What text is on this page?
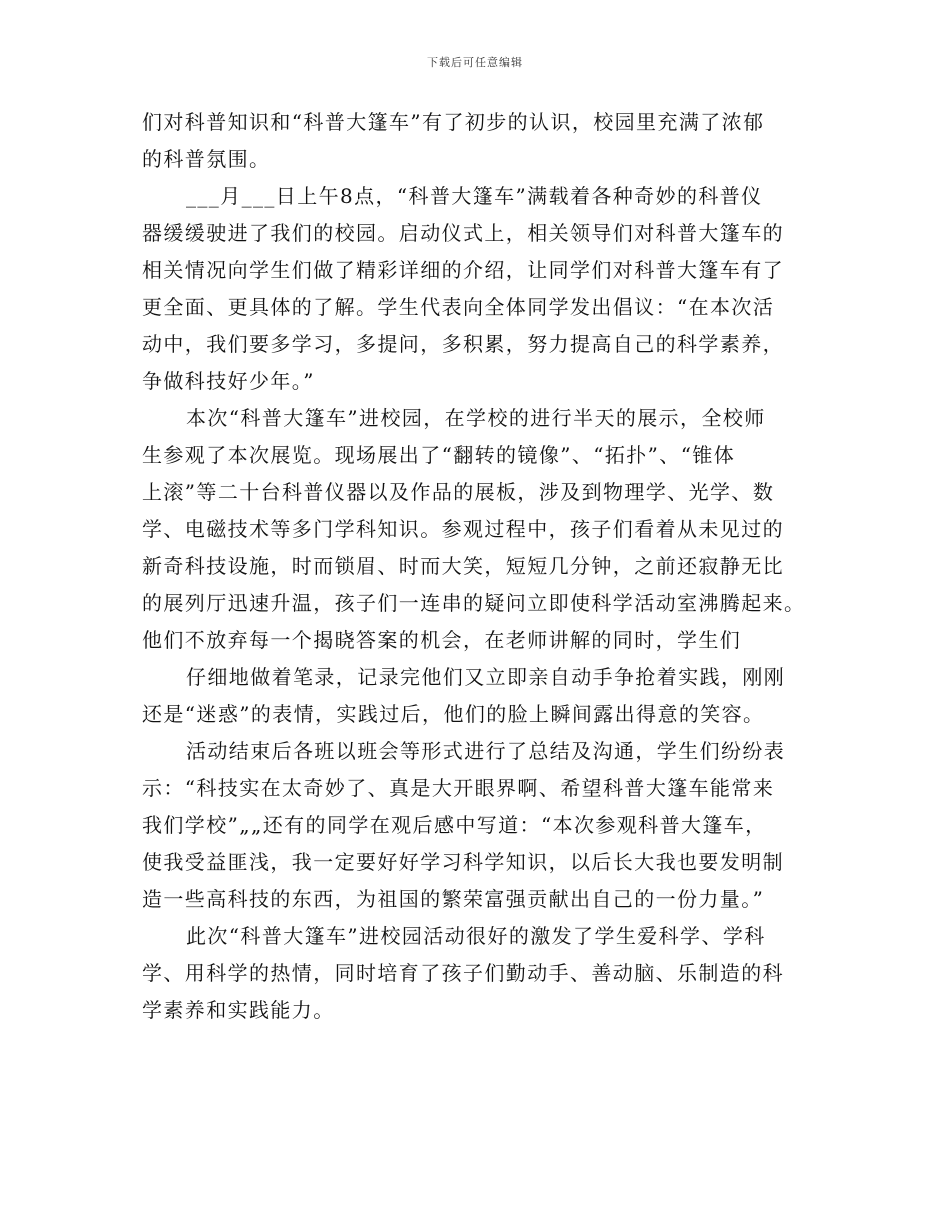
下载后可任意编辑
们对科普知识和“科普大篷车”有了初步的认识，校园里充满了浓郁
的科普氛围。
___月___日上午8点，“科普大篷车”满载着各种奇妙的科普仪
器缓缓驶进了我们的校园。启动仪式上，相关领导们对科普大篷车的
相关情况向学生们做了精彩详细的介绍，让同学们对科普大篷车有了
更全面、更具体的了解。学生代表向全体同学发出倡议：“在本次活
动中，我们要多学习，多提问，多积累，努力提高自己的科学素养，
争做科技好少年。”
本次“科普大篷车”进校园，在学校的进行半天的展示，全校师
生参观了本次展览。现场展出了“翻转的镜像”、“拓扑”、“锥体
上滚”等二十台科普仪器以及作品的展板，涉及到物理学、光学、数
学、电磁技术等多门学科知识。参观过程中，孩子们看着从未见过的
新奇科技设施，时而锁眉、时而大笑，短短几分钟，之前还寂静无比
的展列厅迅速升温，孩子们一连串的疑问立即使科学活动室沸腾起来。
他们不放弃每一个揭晓答案的机会，在老师讲解的同时，学生们
仔细地做着笔录，记录完他们又立即亲自动手争抢着实践，刚刚
还是“迷惑”的表情，实践过后，他们的脸上瞬间露出得意的笑容。
活动结束后各班以班会等形式进行了总结及沟通，学生们纷纷表
示：“科技实在太奇妙了、真是大开眼界啊、希望科普大篷车能常来
我们学校”„„还有的同学在观后感中写道：“本次参观科普大篷车，
使我受益匪浅，我一定要好好学习科学知识，以后长大我也要发明制
造一些高科技的东西，为祖国的繁荣富强贡献出自己的一份力量。”
此次“科普大篷车”进校园活动很好的激发了学生爱科学、学科
学、用科学的热情，同时培育了孩子们勤动手、善动脑、乐制造的科
学素养和实践能力。
